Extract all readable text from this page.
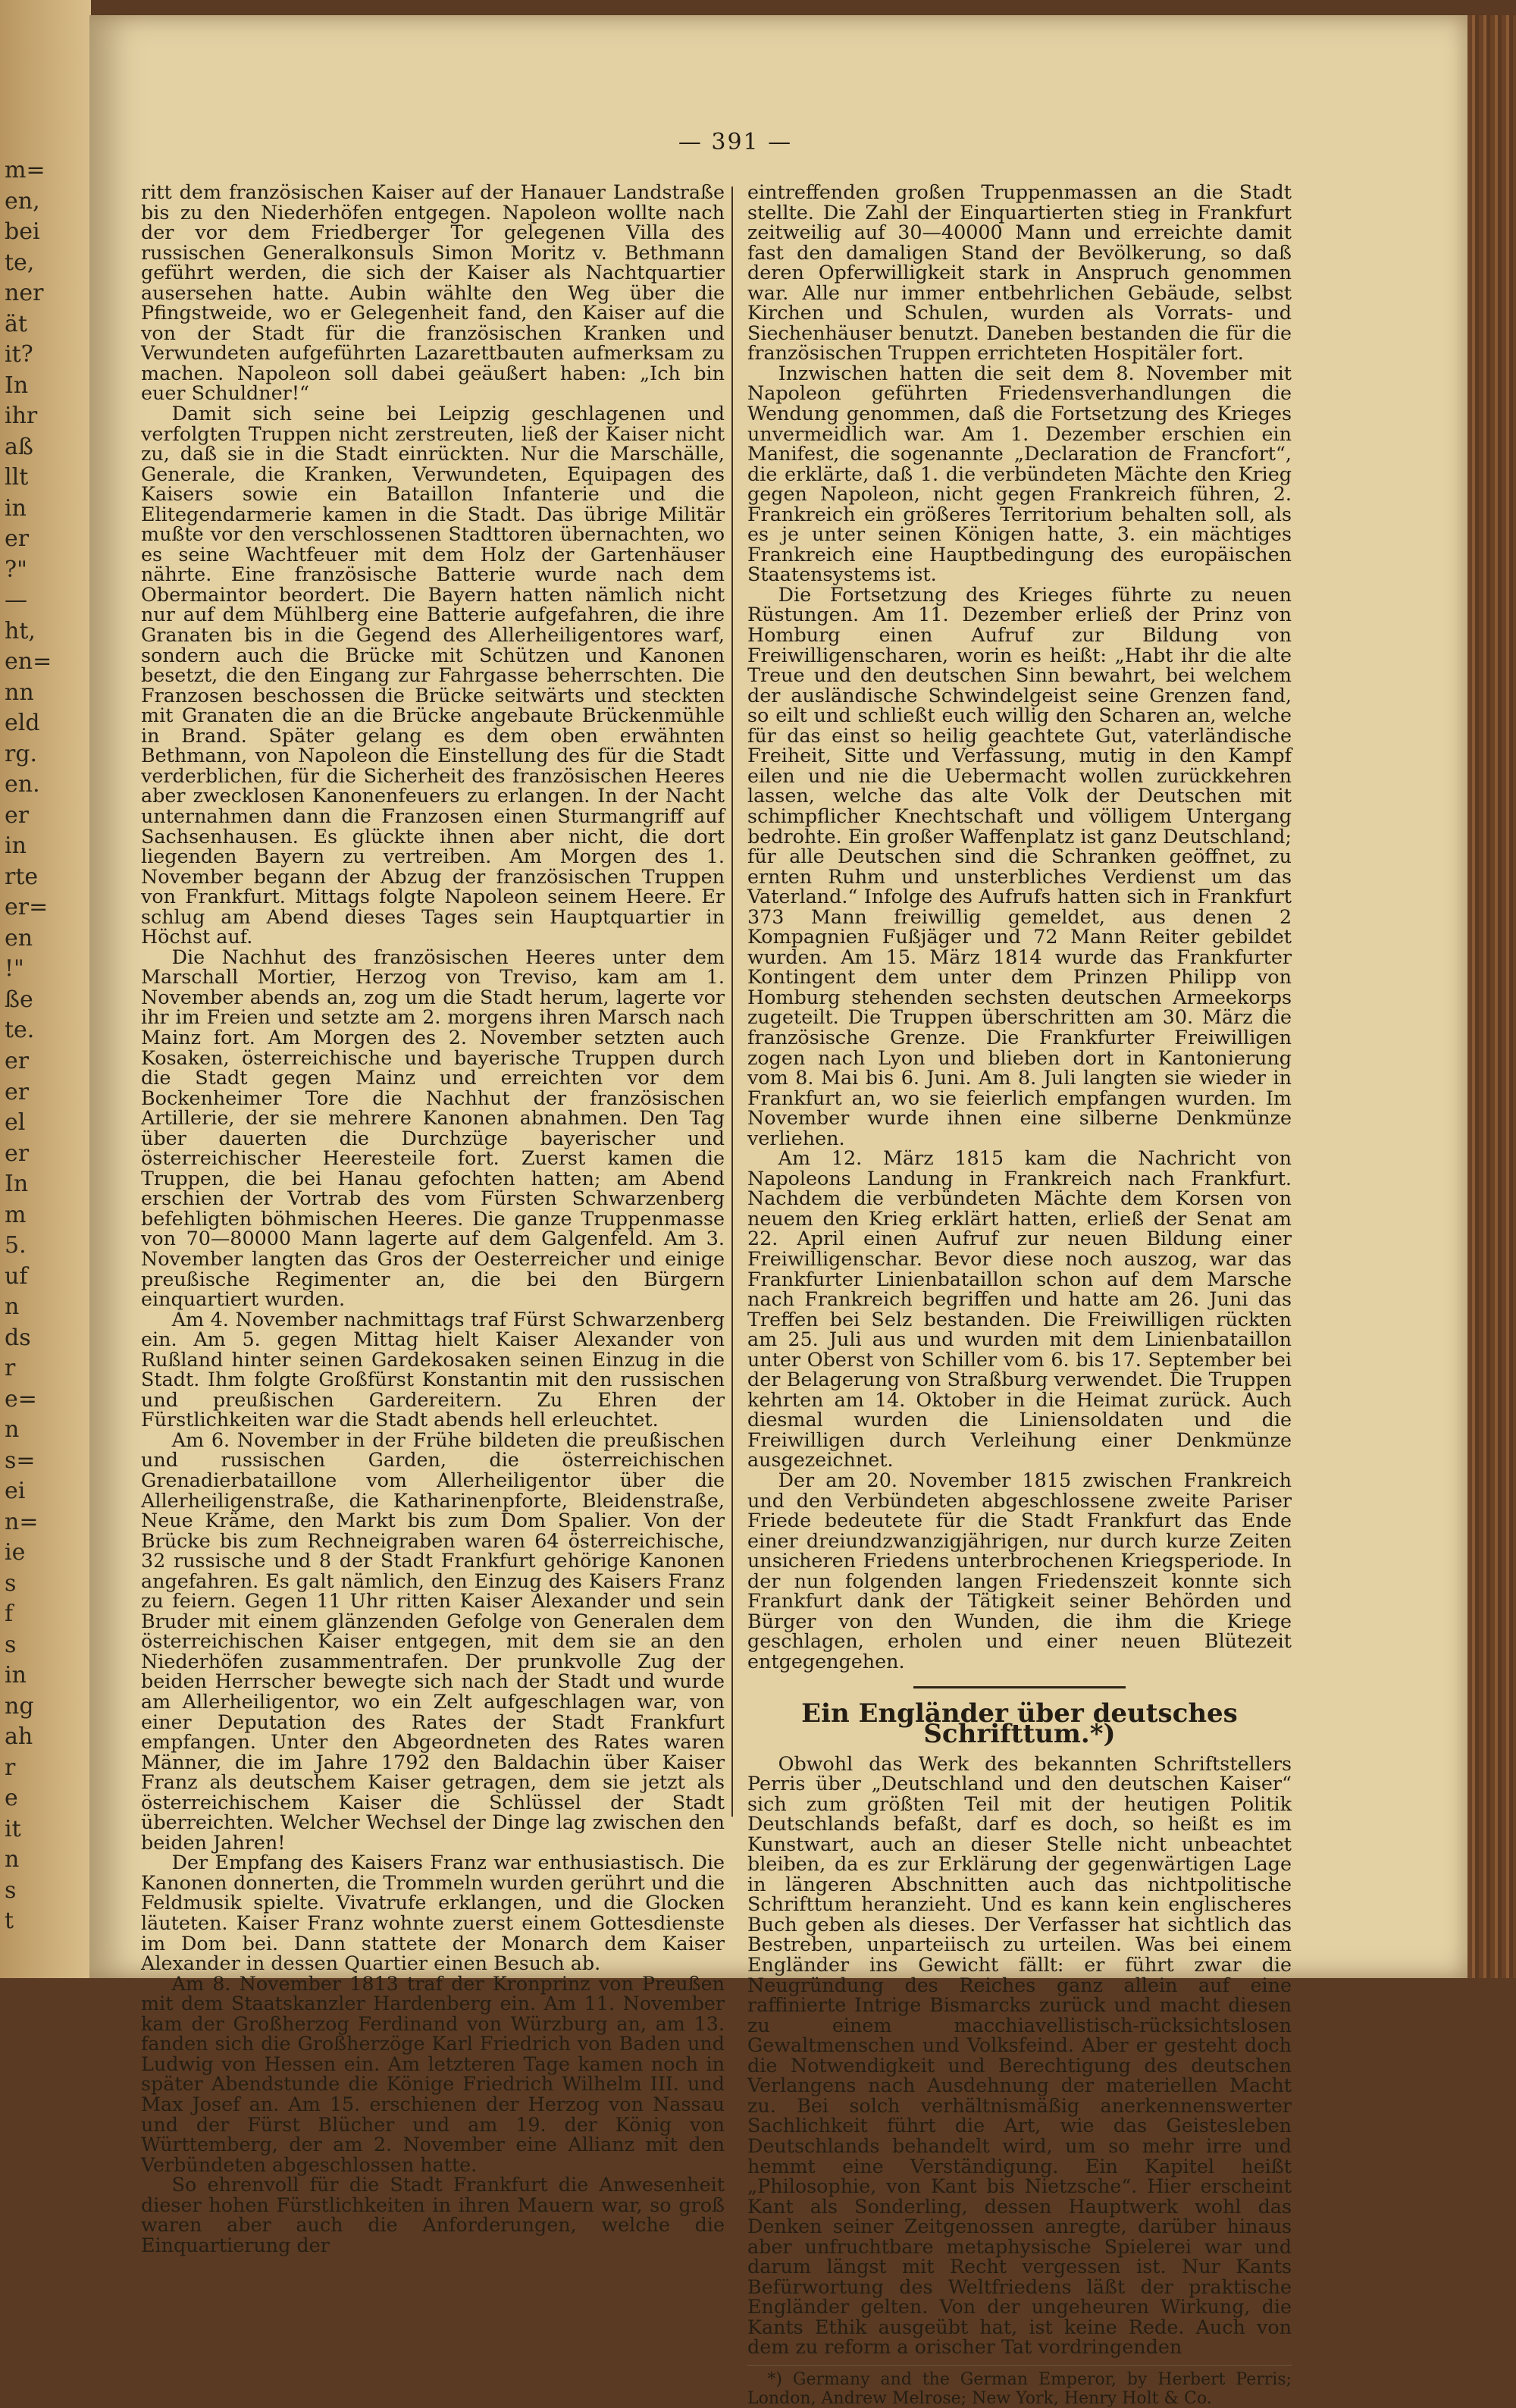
m=
en,
bei
te,
ner
ät
it?
In
ihr
aß
llt
in
er
?"
—
ht,
en=
nn
eld
rg.
en.
er
in
rte
er=
en
!"
ße
te.
er
er
el
er
In
m
5.
uf
n
ds
r
e=
n
s=
ei
n=
ie
s
f
s
in
ng
ah
r
e
it
n
s
t
— 391 —

ritt dem französischen Kaiser auf der Hanauer Landstraße bis zu den Niederhöfen entgegen. Napoleon wollte nach der vor dem Friedberger Tor gelegenen Villa des russischen Generalkonsuls Simon Moritz v. Bethmann geführt werden, die sich der Kaiser als Nachtquartier ausersehen hatte. Aubin wählte den Weg über die Pfingstweide, wo er Gelegenheit fand, den Kaiser auf die von der Stadt für die französischen Kranken und Verwundeten aufgeführten Lazarettbauten aufmerksam zu machen. Napoleon soll dabei geäußert haben: „Ich bin euer Schuldner!“

Damit sich seine bei Leipzig geschlagenen und verfolgten Truppen nicht zerstreuten, ließ der Kaiser nicht zu, daß sie in die Stadt einrückten. Nur die Marschälle, Generale, die Kranken, Verwundeten, Equipagen des Kaisers sowie ein Bataillon Infanterie und die Elitegendarmerie kamen in die Stadt. Das übrige Militär mußte vor den verschlossenen Stadttoren übernachten, wo es seine Wachtfeuer mit dem Holz der Gartenhäuser nährte. Eine französische Batterie wurde nach dem Obermaintor beordert. Die Bayern hatten nämlich nicht nur auf dem Mühlberg eine Batterie aufgefahren, die ihre Granaten bis in die Gegend des Allerheiligentores warf, sondern auch die Brücke mit Schützen und Kanonen besetzt, die den Eingang zur Fahrgasse beherrschten. Die Franzosen beschossen die Brücke seitwärts und steckten mit Granaten die an die Brücke angebaute Brückenmühle in Brand. Später gelang es dem oben erwähnten Bethmann, von Napoleon die Einstellung des für die Stadt verderblichen, für die Sicherheit des französischen Heeres aber zwecklosen Kanonenfeuers zu erlangen. In der Nacht unternahmen dann die Franzosen einen Sturmangriff auf Sachsenhausen. Es glückte ihnen aber nicht, die dort liegenden Bayern zu vertreiben. Am Morgen des 1. November begann der Abzug der französischen Truppen von Frankfurt. Mittags folgte Napoleon seinem Heere. Er schlug am Abend dieses Tages sein Hauptquartier in Höchst auf.

Die Nachhut des französischen Heeres unter dem Marschall Mortier, Herzog von Treviso, kam am 1. November abends an, zog um die Stadt herum, lagerte vor ihr im Freien und setzte am 2. morgens ihren Marsch nach Mainz fort. Am Morgen des 2. November setzten auch Kosaken, österreichische und bayerische Truppen durch die Stadt gegen Mainz und erreichten vor dem Bockenheimer Tore die Nachhut der französischen Artillerie, der sie mehrere Kanonen abnahmen. Den Tag über dauerten die Durchzüge bayerischer und österreichischer Heeresteile fort. Zuerst kamen die Truppen, die bei Hanau gefochten hatten; am Abend erschien der Vortrab des vom Fürsten Schwarzenberg befehligten böhmischen Heeres. Die ganze Truppenmasse von 70—80000 Mann lagerte auf dem Galgenfeld. Am 3. November langten das Gros der Oesterreicher und einige preußische Regimenter an, die bei den Bürgern einquartiert wurden.

Am 4. November nachmittags traf Fürst Schwarzenberg ein. Am 5. gegen Mittag hielt Kaiser Alexander von Rußland hinter seinen Gardekosaken seinen Einzug in die Stadt. Ihm folgte Großfürst Konstantin mit den russischen und preußischen Gardereitern. Zu Ehren der Fürstlichkeiten war die Stadt abends hell erleuchtet.

Am 6. November in der Frühe bildeten die preußischen und russischen Garden, die österreichischen Grenadierbataillone vom Allerheiligentor über die Allerheiligenstraße, die Katharinenpforte, Bleidenstraße, Neue Kräme, den Markt bis zum Dom Spalier. Von der Brücke bis zum Rechneigraben waren 64 österreichische, 32 russische und 8 der Stadt Frankfurt gehörige Kanonen angefahren. Es galt nämlich, den Einzug des Kaisers Franz zu feiern. Gegen 11 Uhr ritten Kaiser Alexander und sein Bruder mit einem glänzenden Gefolge von Generalen dem österreichischen Kaiser entgegen, mit dem sie an den Niederhöfen zusammentrafen. Der prunkvolle Zug der beiden Herrscher bewegte sich nach der Stadt und wurde am Allerheiligentor, wo ein Zelt aufgeschlagen war, von einer Deputation des Rates der Stadt Frankfurt empfangen. Unter den Abgeordneten des Rates waren Männer, die im Jahre 1792 den Baldachin über Kaiser Franz als deutschem Kaiser getragen, dem sie jetzt als österreichischem Kaiser die Schlüssel der Stadt überreichten. Welcher Wechsel der Dinge lag zwischen den beiden Jahren!

Der Empfang des Kaisers Franz war enthusiastisch. Die Kanonen donnerten, die Trommeln wurden gerührt und die Feldmusik spielte. Vivatrufe erklangen, und die Glocken läuteten. Kaiser Franz wohnte zuerst einem Gottesdienste im Dom bei. Dann stattete der Monarch dem Kaiser Alexander in dessen Quartier einen Besuch ab.

Am 8. November 1813 traf der Kronprinz von Preußen mit dem Staatskanzler Hardenberg ein. Am 11. November kam der Großherzog Ferdinand von Würzburg an, am 13. fanden sich die Großherzöge Karl Friedrich von Baden und Ludwig von Hessen ein. Am letzteren Tage kamen noch in später Abendstunde die Könige Friedrich Wilhelm III. und Max Josef an. Am 15. erschienen der Herzog von Nassau und der Fürst Blücher und am 19. der König von Württemberg, der am 2. November eine Allianz mit den Verbündeten abgeschlossen hatte.

So ehrenvoll für die Stadt Frankfurt die Anwesenheit dieser hohen Fürstlichkeiten in ihren Mauern war, so groß waren aber auch die Anforderungen, welche die Einquartierung der

eintreffenden großen Truppenmassen an die Stadt stellte. Die Zahl der Einquartierten stieg in Frankfurt zeitweilig auf 30—40000 Mann und erreichte damit fast den damaligen Stand der Bevölkerung, so daß deren Opferwilligkeit stark in Anspruch genommen war. Alle nur immer entbehrlichen Gebäude, selbst Kirchen und Schulen, wurden als Vorrats- und Siechenhäuser benutzt. Daneben bestanden die für die französischen Truppen errichteten Hospitäler fort.

Inzwischen hatten die seit dem 8. November mit Napoleon geführten Friedensverhandlungen die Wendung genommen, daß die Fortsetzung des Krieges unvermeidlich war. Am 1. Dezember erschien ein Manifest, die sogenannte „Declaration de Francfort“, die erklärte, daß 1. die verbündeten Mächte den Krieg gegen Napoleon, nicht gegen Frankreich führen, 2. Frankreich ein größeres Territorium behalten soll, als es je unter seinen Königen hatte, 3. ein mächtiges Frankreich eine Hauptbedingung des europäischen Staatensystems ist.

Die Fortsetzung des Krieges führte zu neuen Rüstungen. Am 11. Dezember erließ der Prinz von Homburg einen Aufruf zur Bildung von Freiwilligenscharen, worin es heißt: „Habt ihr die alte Treue und den deutschen Sinn bewahrt, bei welchem der ausländische Schwindelgeist seine Grenzen fand, so eilt und schließt euch willig den Scharen an, welche für das einst so heilig geachtete Gut, vaterländische Freiheit, Sitte und Verfassung, mutig in den Kampf eilen und nie die Uebermacht wollen zurückkehren lassen, welche das alte Volk der Deutschen mit schimpflicher Knechtschaft und völligem Untergang bedrohte. Ein großer Waffenplatz ist ganz Deutschland; für alle Deutschen sind die Schranken geöffnet, zu ernten Ruhm und unsterbliches Verdienst um das Vaterland.“ Infolge des Aufrufs hatten sich in Frankfurt 373 Mann freiwillig gemeldet, aus denen 2 Kompagnien Fußjäger und 72 Mann Reiter gebildet wurden. Am 15. März 1814 wurde das Frankfurter Kontingent dem unter dem Prinzen Philipp von Homburg stehenden sechsten deutschen Armeekorps zugeteilt. Die Truppen überschritten am 30. März die französische Grenze. Die Frankfurter Freiwilligen zogen nach Lyon und blieben dort in Kantonierung vom 8. Mai bis 6. Juni. Am 8. Juli langten sie wieder in Frankfurt an, wo sie feierlich empfangen wurden. Im November wurde ihnen eine silberne Denkmünze verliehen.

Am 12. März 1815 kam die Nachricht von Napoleons Landung in Frankreich nach Frankfurt. Nachdem die verbündeten Mächte dem Korsen von neuem den Krieg erklärt hatten, erließ der Senat am 22. April einen Aufruf zur neuen Bildung einer Freiwilligenschar. Bevor diese noch auszog, war das Frankfurter Linienbataillon schon auf dem Marsche nach Frankreich begriffen und hatte am 26. Juni das Treffen bei Selz bestanden. Die Freiwilligen rückten am 25. Juli aus und wurden mit dem Linienbataillon unter Oberst von Schiller vom 6. bis 17. September bei der Belagerung von Straßburg verwendet. Die Truppen kehrten am 14. Oktober in die Heimat zurück. Auch diesmal wurden die Liniensoldaten und die Freiwilligen durch Verleihung einer Denkmünze ausgezeichnet.

Der am 20. November 1815 zwischen Frankreich und den Verbündeten abgeschlossene zweite Pariser Friede bedeutete für die Stadt Frankfurt das Ende einer dreiundzwanzigjährigen, nur durch kurze Zeiten unsicheren Friedens unterbrochenen Kriegsperiode. In der nun folgenden langen Friedenszeit konnte sich Frankfurt dank der Tätigkeit seiner Behörden und Bürger von den Wunden, die ihm die Kriege geschlagen, erholen und einer neuen Blütezeit entgegengehen.

Ein Engländer über deutsches Schrifttum.*)

Obwohl das Werk des bekannten Schriftstellers Perris über „Deutschland und den deutschen Kaiser“ sich zum größten Teil mit der heutigen Politik Deutschlands befaßt, darf es doch, so heißt es im Kunstwart, auch an dieser Stelle nicht unbeachtet bleiben, da es zur Erklärung der gegenwärtigen Lage in längeren Abschnitten auch das nichtpolitische Schrifttum heranzieht. Und es kann kein englischeres Buch geben als dieses. Der Verfasser hat sichtlich das Bestreben, unparteiisch zu urteilen. Was bei einem Engländer ins Gewicht fällt: er führt zwar die Neugründung des Reiches ganz allein auf eine raffinierte Intrige Bismarcks zurück und macht diesen zu einem macchiavellistisch-rücksichtslosen Gewaltmenschen und Volksfeind. Aber er gesteht doch die Notwendigkeit und Berechtigung des deutschen Verlangens nach Ausdehnung der materiellen Macht zu. Bei solch verhältnismäßig anerkennenswerter Sachlichkeit führt die Art, wie das Geistesleben Deutschlands behandelt wird, um so mehr irre und hemmt eine Verständigung. Ein Kapitel heißt „Philosophie, von Kant bis Nietzsche“. Hier erscheint Kant als Sonderling, dessen Hauptwerk wohl das Denken seiner Zeitgenossen anregte, darüber hinaus aber unfruchtbare metaphysische Spielerei war und darum längst mit Recht vergessen ist. Nur Kants Befürwortung des Weltfriedens läßt der praktische Engländer gelten. Von der ungeheuren Wirkung, die Kants Ethik ausgeübt hat, ist keine Rede. Auch von dem zu reform a orischer Tat vordringenden

*) Germany and the German Emperor, by Herbert Perris; London, Andrew Melrose; New York, Henry Holt & Co.
